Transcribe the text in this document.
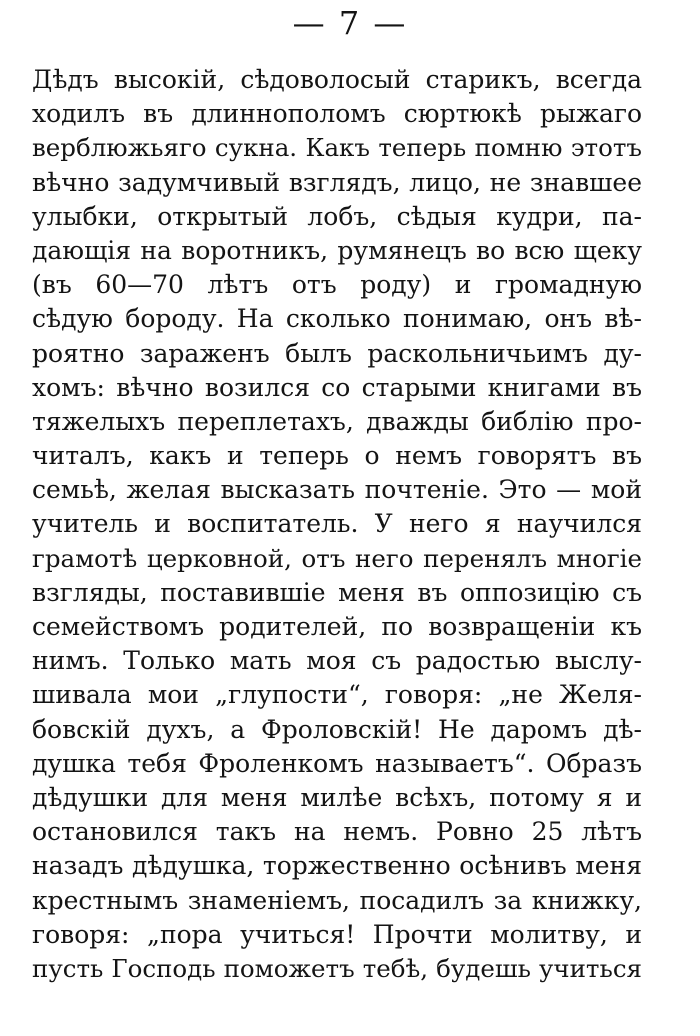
— 7 —
Дѣдъ высокій, сѣдоволосый старикъ, всегда
ходилъ въ длиннополомъ сюртюкѣ рыжаго
верблюжьяго сукна. Какъ теперь помню этотъ
вѣчно задумчивый взглядъ, лицо, не знавшее
улыбки, открытый лобъ, сѣдыя кудри, па-
дающія на воротникъ, румянецъ во всю щеку
(въ 60—70 лѣтъ отъ роду) и громадную
сѣдую бороду. На сколько понимаю, онъ вѣ-
роятно зараженъ былъ раскольничьимъ ду-
хомъ: вѣчно возился со старыми книгами въ
тяжелыхъ переплетахъ, дважды библію про-
читалъ, какъ и теперь о немъ говорятъ въ
семьѣ, желая высказать почтеніе. Это — мой
учитель и воспитатель. У него я научился
грамотѣ церковной, отъ него перенялъ многіе
взгляды, поставившіе меня въ оппозицію съ
семействомъ родителей, по возвращеніи къ
нимъ. Только мать моя съ радостью выслу-
шивала мои „глупости“, говоря: „не Желя-
бовскій духъ, а Фроловскій! Не даромъ дѣ-
душка тебя Фроленкомъ называетъ“. Образъ
дѣдушки для меня милѣе всѣхъ, потому я и
остановился такъ на немъ. Ровно 25 лѣтъ
назадъ дѣдушка, торжественно осѣнивъ меня
крестнымъ знаменіемъ, посадилъ за книжку,
говоря: „пора учиться! Прочти молитву, и
пусть Господь поможетъ тебѣ, будешь учиться
